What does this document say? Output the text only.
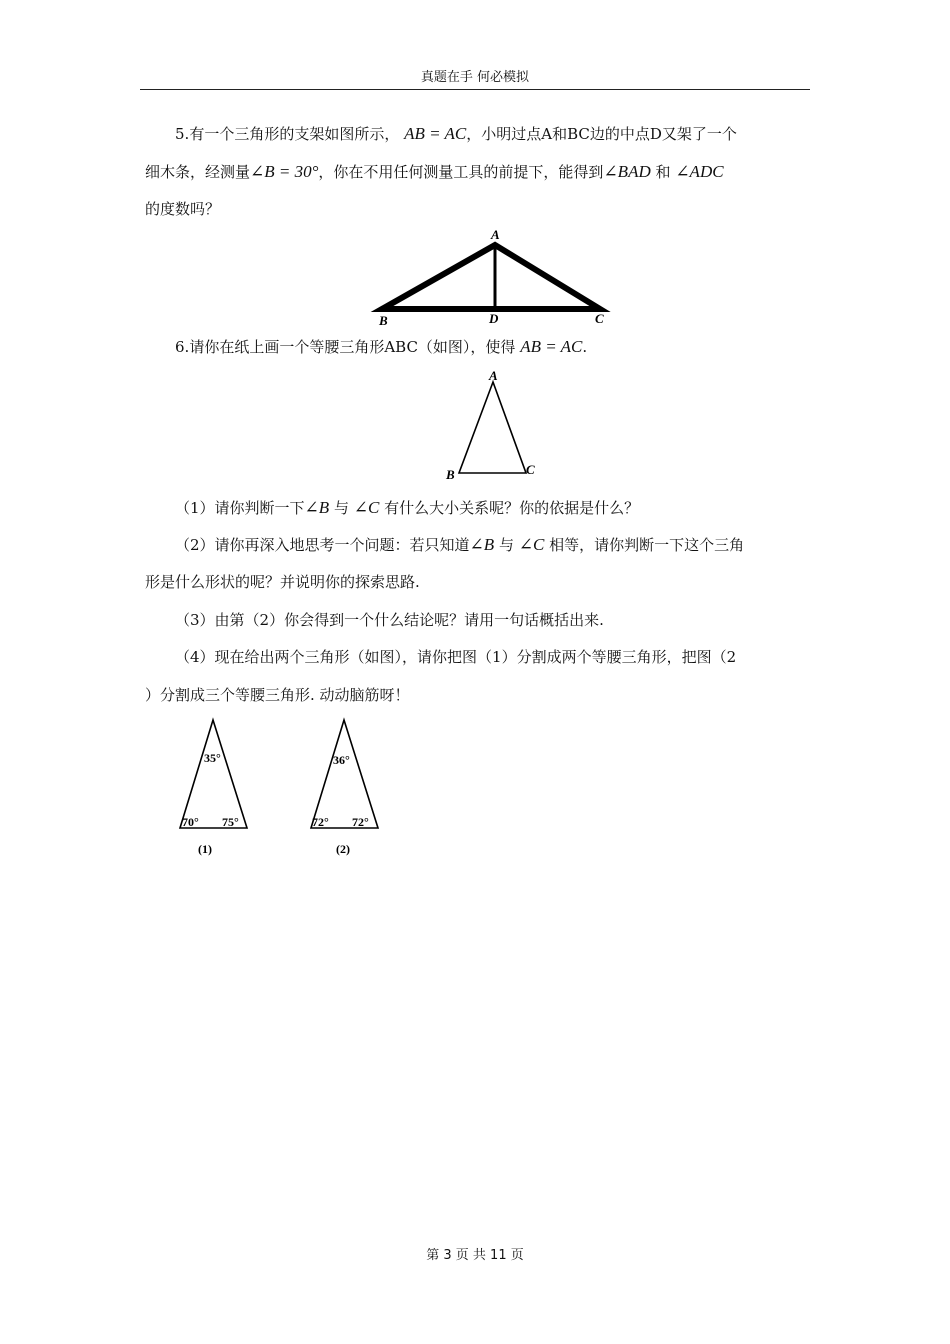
真题在手 何必模拟
5.有一个三角形的支架如图所示， AB = AC，小明过点A和BC边的中点D又架了一个
细木条，经测量∠B = 30°，你在不用任何测量工具的前提下，能得到∠BAD 和 ∠ADC
的度数吗？
A
B	D	C
6.请你在纸上画一个等腰三角形ABC（如图），使得 AB = AC.
A
B	C
（1）请你判断一下∠B 与 ∠C 有什么大小关系呢？你的依据是什么？
（2）请你再深入地思考一个问题：若只知道∠B 与 ∠C 相等，请你判断一下这个三角
形是什么形状的呢？并说明你的探索思路.
（3）由第（2）你会得到一个什么结论呢？请用一句话概括出来.
（4）现在给出两个三角形（如图），请你把图（1）分割成两个等腰三角形，把图（2
）分割成三个等腰三角形. 动动脑筋呀！
35°
70° 75°
(1)
36°
72° 72°
(2)
第 3 页 共 11 页
